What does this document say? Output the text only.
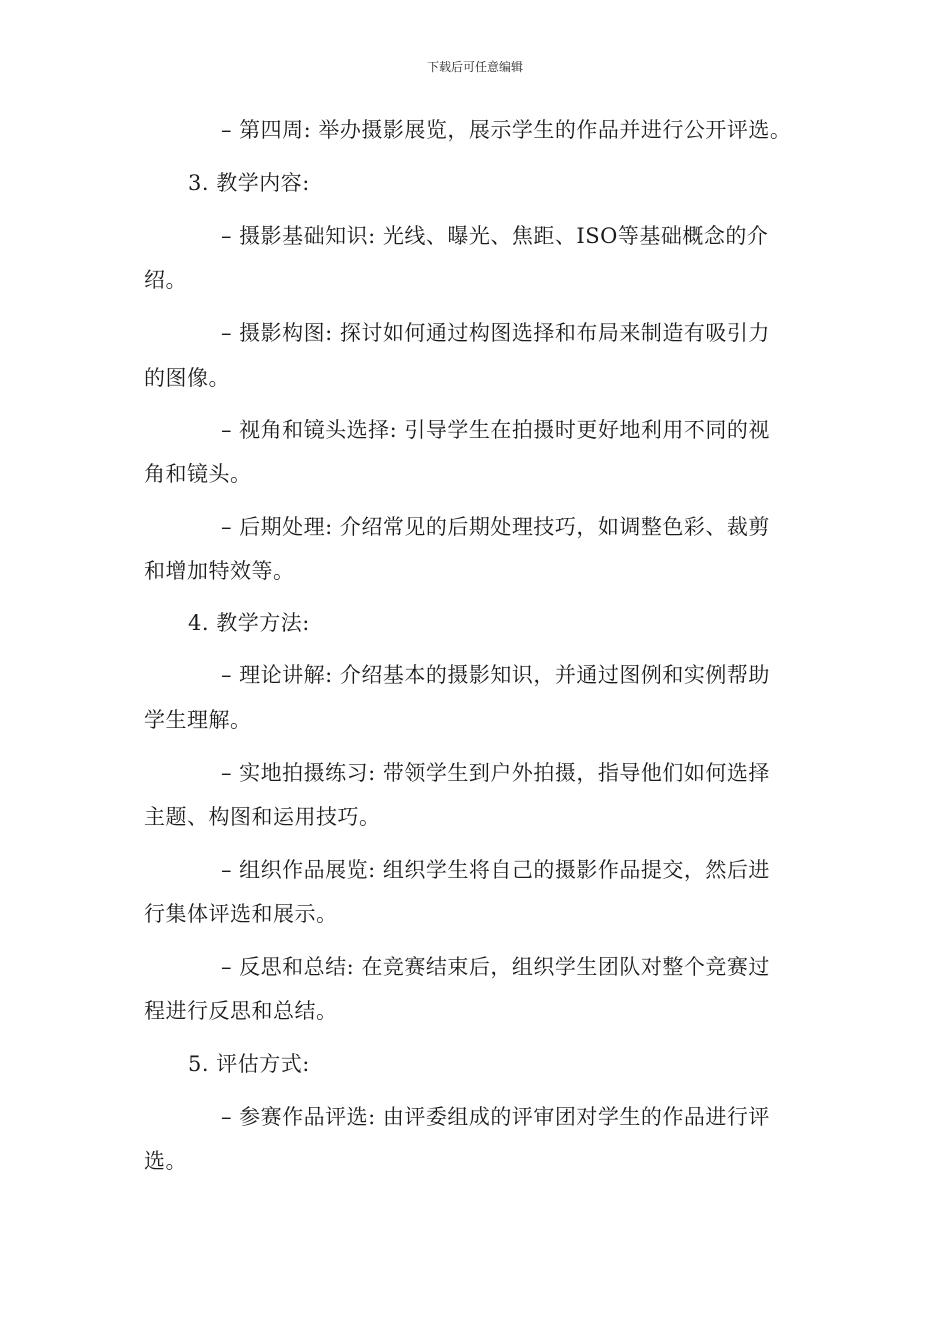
下载后可任意编辑
– 第四周: 举办摄影展览，展示学生的作品并进行公开评选。
3. 教学内容:
– 摄影基础知识: 光线、曝光、焦距、ISO等基础概念的介
绍。
– 摄影构图: 探讨如何通过构图选择和布局来制造有吸引力
的图像。
– 视角和镜头选择: 引导学生在拍摄时更好地利用不同的视
角和镜头。
– 后期处理: 介绍常见的后期处理技巧，如调整色彩、裁剪
和增加特效等。
4. 教学方法:
– 理论讲解: 介绍基本的摄影知识，并通过图例和实例帮助
学生理解。
– 实地拍摄练习: 带领学生到户外拍摄，指导他们如何选择
主题、构图和运用技巧。
– 组织作品展览: 组织学生将自己的摄影作品提交，然后进
行集体评选和展示。
– 反思和总结: 在竞赛结束后，组织学生团队对整个竞赛过
程进行反思和总结。
5. 评估方式:
– 参赛作品评选: 由评委组成的评审团对学生的作品进行评
选。
